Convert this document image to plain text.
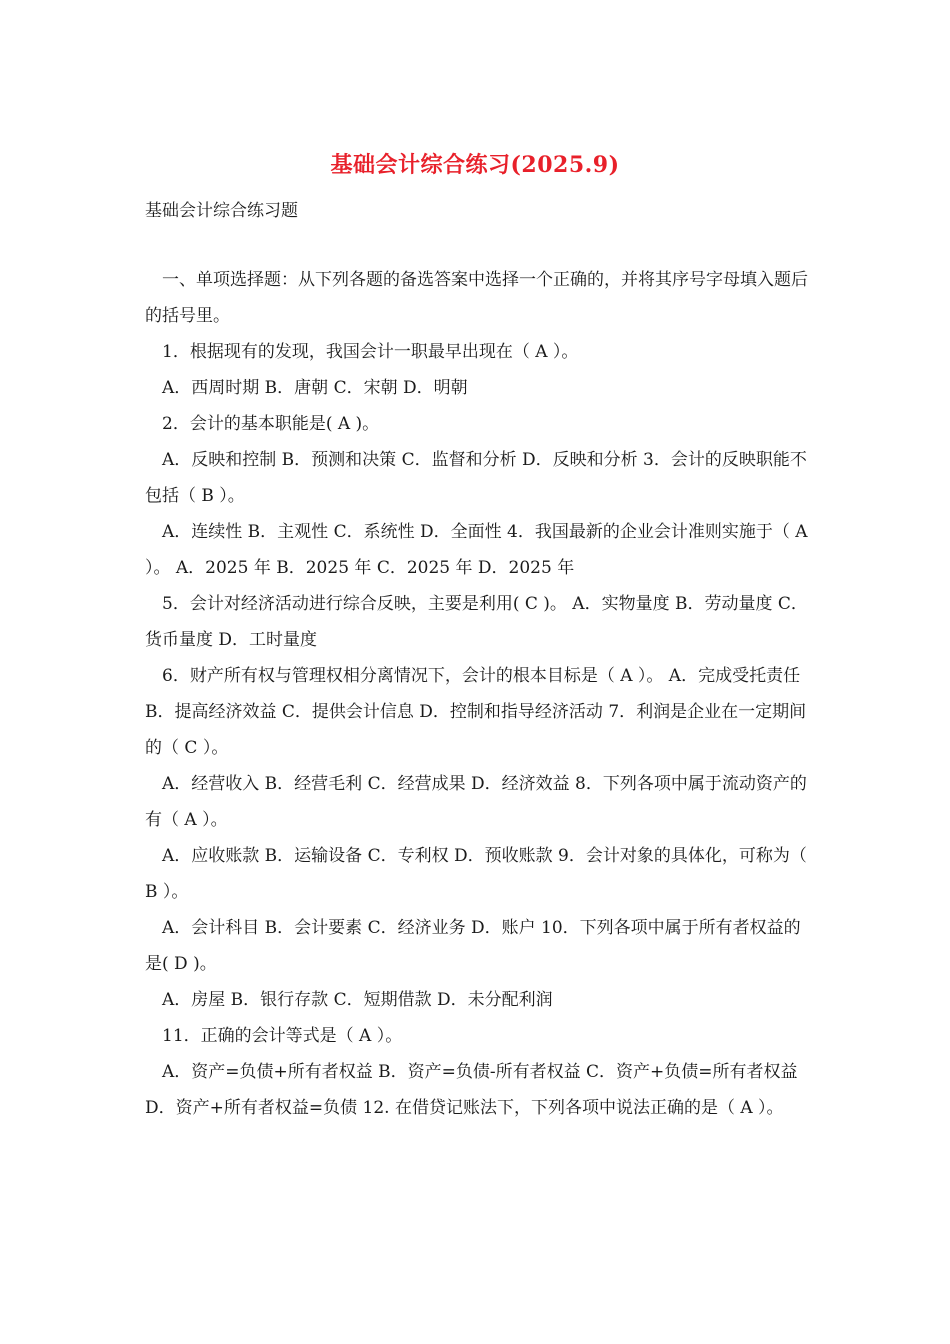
基础会计综合练习(2025.9)
基础会计综合练习题

一、单项选择题：从下列各题的备选答案中选择一个正确的，并将其序号字母填入题后的括号里。

1．根据现有的发现，我国会计一职最早出现在（ A ）。

A．西周时期 B．唐朝 C．宋朝 D．明朝

2．会计的基本职能是( A )。

A．反映和控制 B．预测和决策 C．监督和分析 D．反映和分析 3．会计的反映职能不包括（ B ）。

A．连续性 B．主观性 C．系统性 D．全面性 4．我国最新的企业会计准则实施于（ A ）。 A．2025 年 B．2025 年 C．2025 年 D．2025 年

5．会计对经济活动进行综合反映，主要是利用( C )。 A．实物量度 B．劳动量度 C．货币量度 D．工时量度

6．财产所有权与管理权相分离情况下，会计的根本目标是（ A ）。 A．完成受托责任 B．提高经济效益 C．提供会计信息 D．控制和指导经济活动 7．利润是企业在一定期间的（ C ）。

A．经营收入 B．经营毛利 C．经营成果 D．经济效益 8．下列各项中属于流动资产的有（ A ）。

A．应收账款 B．运输设备 C．专利权 D．预收账款 9．会计对象的具体化，可称为（ B ）。

A．会计科目 B．会计要素 C．经济业务 D．账户 10．下列各项中属于所有者权益的是( D )。

A．房屋 B．银行存款 C．短期借款 D．未分配利润

11．正确的会计等式是（ A ）。

A．资产=负债+所有者权益 B．资产=负债-所有者权益 C．资产+负债=所有者权益 D．资产+所有者权益=负债 12. 在借贷记账法下，下列各项中说法正确的是（ A ）。
